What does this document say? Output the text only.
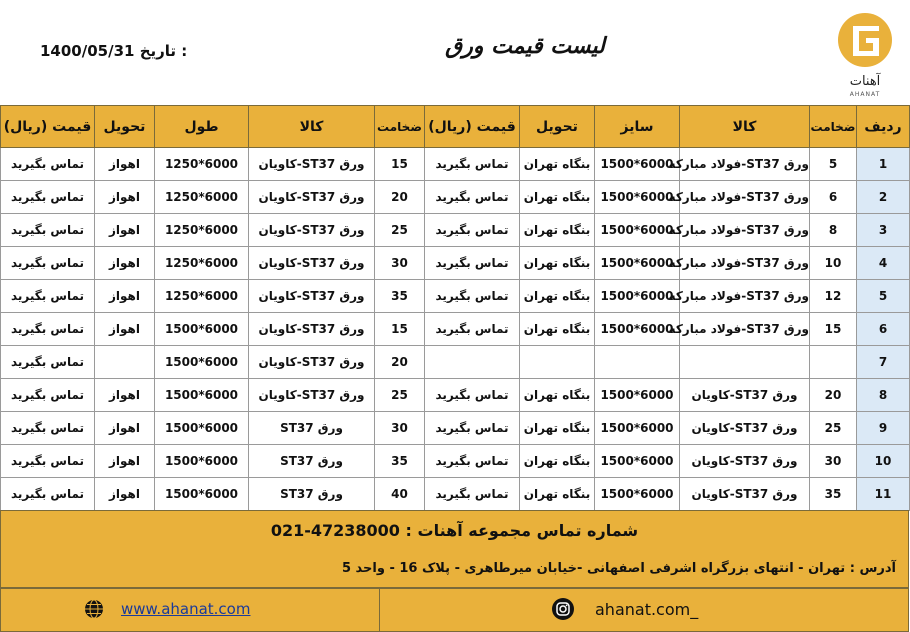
1400/05/31 تاریخ :	لیست قیمت ورق
آهنات
AHANAT
قیمت (ریال)	تحویل	طول	کالا	ضخامت	قیمت (ریال)	تحویل	سایز	کالا	ضخامت	ردیف
تماس بگیرید	اهواز	1250*6000	ورق ST37-کاویان	15	تماس بگیرید	بنگاه تهران	1500*6000	ورق ST37-فولاد مبارکه	5	1
تماس بگیرید	اهواز	1250*6000	ورق ST37-کاویان	20	تماس بگیرید	بنگاه تهران	1500*6000	ورق ST37-فولاد مبارکه	6	2
تماس بگیرید	اهواز	1250*6000	ورق ST37-کاویان	25	تماس بگیرید	بنگاه تهران	1500*6000	ورق ST37-فولاد مبارکه	8	3
تماس بگیرید	اهواز	1250*6000	ورق ST37-کاویان	30	تماس بگیرید	بنگاه تهران	1500*6000	ورق ST37-فولاد مبارکه	10	4
تماس بگیرید	اهواز	1250*6000	ورق ST37-کاویان	35	تماس بگیرید	بنگاه تهران	1500*6000	ورق ST37-فولاد مبارکه	12	5
تماس بگیرید	اهواز	1500*6000	ورق ST37-کاویان	15	تماس بگیرید	بنگاه تهران	1500*6000	ورق ST37-فولاد مبارکه	15	6
تماس بگیرید		1500*6000	ورق ST37-کاویان	20						7
تماس بگیرید	اهواز	1500*6000	ورق ST37-کاویان	25	تماس بگیرید	بنگاه تهران	1500*6000	ورق ST37-کاویان	20	8
تماس بگیرید	اهواز	1500*6000	ورق ST37	30	تماس بگیرید	بنگاه تهران	1500*6000	ورق ST37-کاویان	25	9
تماس بگیرید	اهواز	1500*6000	ورق ST37	35	تماس بگیرید	بنگاه تهران	1500*6000	ورق ST37-کاویان	30	10
تماس بگیرید	اهواز	1500*6000	ورق ST37	40	تماس بگیرید	بنگاه تهران	1500*6000	ورق ST37-کاویان	35	11
شماره تماس مجموعه آهنات : 021-47238000
آدرس : تهران - انتهای بزرگراه اشرفی اصفهانی -خیابان میرطاهری - پلاک 16 - واحد 5
www.ahanat.com	ahanat.com_
